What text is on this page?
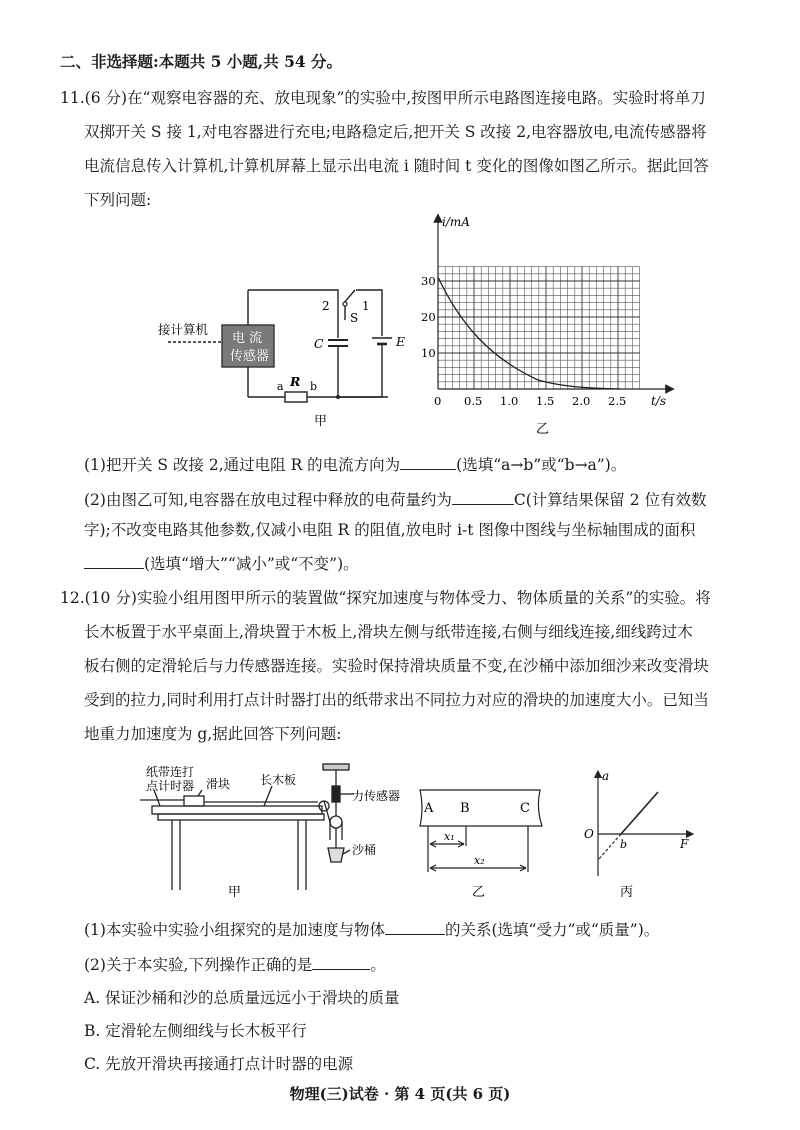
二、非选择题:本题共 5 小题,共 54 分。
11.(6 分)在“观察电容器的充、放电现象”的实验中,按图甲所示电路图连接电路。实验时将单刀
双掷开关 S 接 1,对电容器进行充电;电路稳定后,把开关 S 改接 2,电容器放电,电流传感器将
电流信息传入计算机,计算机屏幕上显示出电流 i 随时间 t 变化的图像如图乙所示。据此回答
下列问题:
接计算机
电 流
传感器
2	1
S
C	E
R
a b
甲
i/mA
t/s
10
20
30
0 0.5 1.0 1.5 2.0 2.5
乙
(1)把开关 S 改接 2,通过电阻 R 的电流方向为	(选填“a→b”或“b→a”)。
(2)由图乙可知,电容器在放电过程中释放的电荷量约为	C(计算结果保留 2 位有效数
字);不改变电路其他参数,仅减小电阻 R 的阻值,放电时 i-t 图像中图线与坐标轴围成的面积
(选填“增大”“减小”或“不变”)。
12.(10 分)实验小组用图甲所示的装置做“探究加速度与物体受力、物体质量的关系”的实验。将
长木板置于水平桌面上,滑块置于木板上,滑块左侧与纸带连接,右侧与细线连接,细线跨过木
板右侧的定滑轮后与力传感器连接。实验时保持滑块质量不变,在沙桶中添加细沙来改变滑块
受到的拉力,同时利用打点计时器打出的纸带求出不同拉力对应的滑块的加速度大小。已知当
地重力加速度为 g,据此回答下列问题:
纸带连打
点计时器 滑块 长木板
力传感器
沙桶
甲
A B	C
x₁
x₂
乙
a
F
O
b
丙
(1)本实验中实验小组探究的是加速度与物体	的关系(选填“受力”或“质量”)。
(2)关于本实验,下列操作正确的是	。
A. 保证沙桶和沙的总质量远远小于滑块的质量
B. 定滑轮左侧细线与长木板平行
C. 先放开滑块再接通打点计时器的电源
物理(三)试卷 · 第 4 页(共 6 页)
